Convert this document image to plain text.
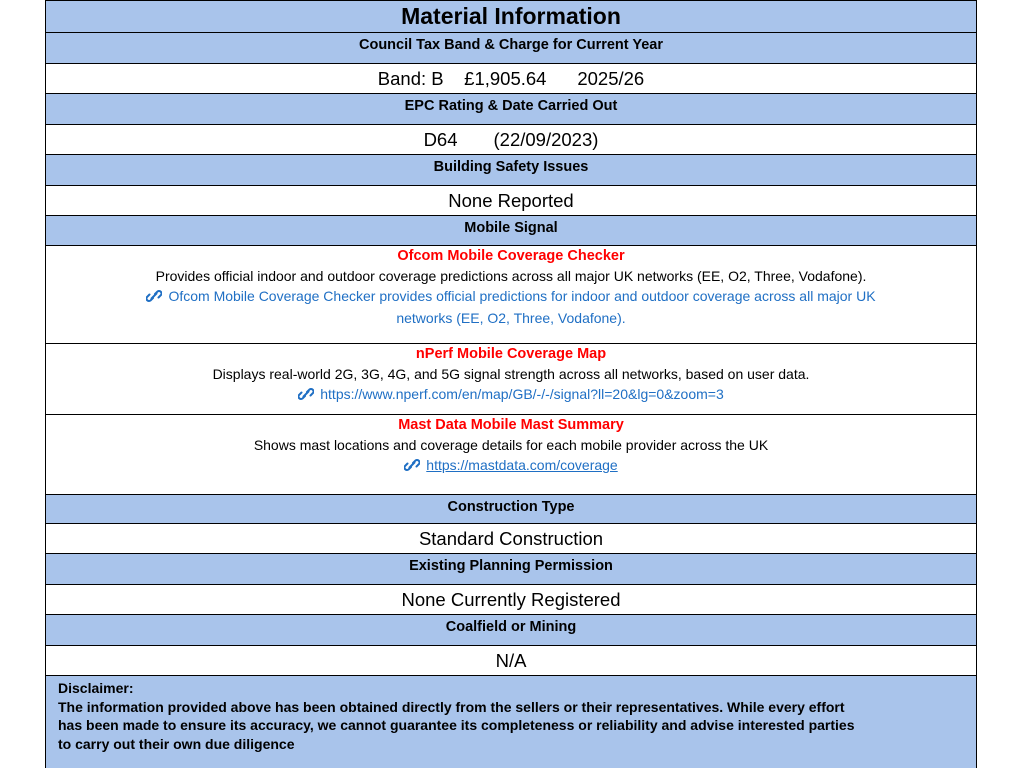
Material Information
Council Tax Band & Charge for Current Year
Band: B £1,905.64 2025/26
EPC Rating & Date Carried Out
D64 (22/09/2023)
Building Safety Issues
None Reported
Mobile Signal
Ofcom Mobile Coverage Checker
Provides official indoor and outdoor coverage predictions across all major UK networks (EE, O2, Three, Vodafone).
Ofcom Mobile Coverage Checker provides official predictions for indoor and outdoor coverage across all major UK
networks (EE, O2, Three, Vodafone).
nPerf Mobile Coverage Map
Displays real-world 2G, 3G, 4G, and 5G signal strength across all networks, based on user data.
https://www.nperf.com/en/map/GB/-/-/signal?ll=20&lg=0&zoom=3
Mast Data Mobile Mast Summary
Shows mast locations and coverage details for each mobile provider across the UK
https://mastdata.com/coverage
Construction Type
Standard Construction
Existing Planning Permission
None Currently Registered
Coalfield or Mining
N/A
Disclaimer:
The information provided above has been obtained directly from the sellers or their representatives. While every effort
has been made to ensure its accuracy, we cannot guarantee its completeness or reliability and advise interested parties
to carry out their own due diligence
